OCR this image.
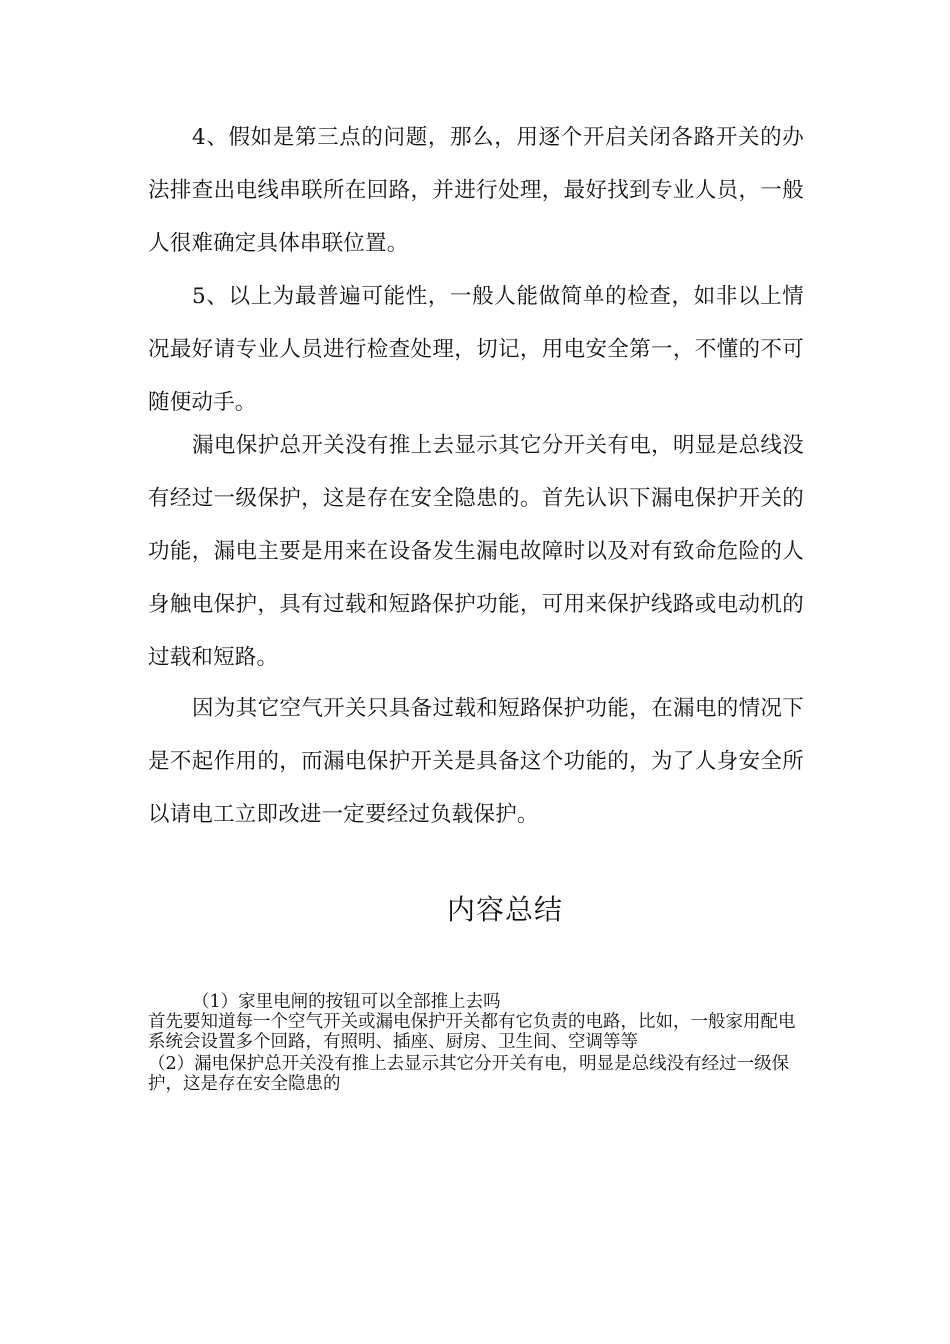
4、假如是第三点的问题，那么，用逐个开启关闭各路开关的办法排查出电线串联所在回路，并进行处理，最好找到专业人员，一般人很难确定具体串联位置。

5、以上为最普遍可能性，一般人能做简单的检查，如非以上情况最好请专业人员进行检查处理，切记，用电安全第一，不懂的不可随便动手。

漏电保护总开关没有推上去显示其它分开关有电，明显是总线没有经过一级保护，这是存在安全隐患的。首先认识下漏电保护开关的功能，漏电主要是用来在设备发生漏电故障时以及对有致命危险的人身触电保护，具有过载和短路保护功能，可用来保护线路或电动机的过载和短路。

因为其它空气开关只具备过载和短路保护功能，在漏电的情况下是不起作用的，而漏电保护开关是具备这个功能的，为了人身安全所以请电工立即改进一定要经过负载保护。

内容总结

（1）家里电闸的按钮可以全部推上去吗

首先要知道每一个空气开关或漏电保护开关都有它负责的电路，比如，一般家用配电系统会设置多个回路，有照明、插座、厨房、卫生间、空调等等

（2）漏电保护总开关没有推上去显示其它分开关有电，明显是总线没有经过一级保护，这是存在安全隐患的
